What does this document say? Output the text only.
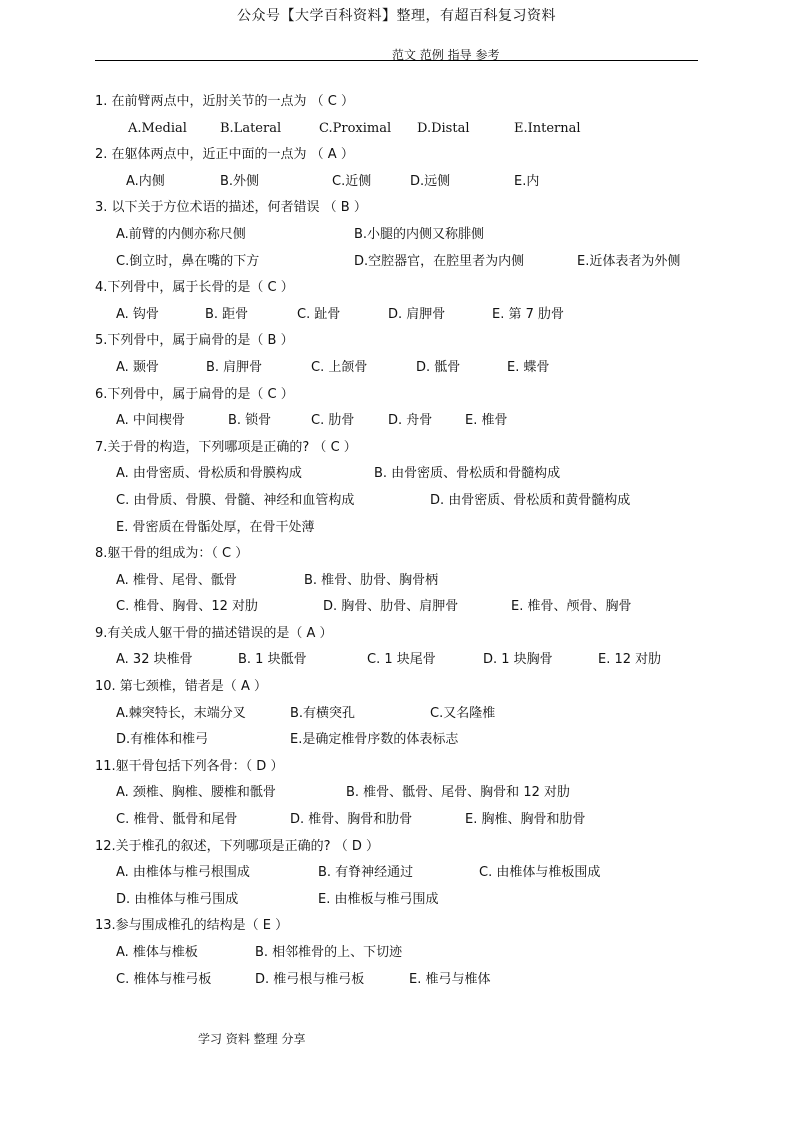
公众号【大学百科资料】整理，有超百科复习资料
范文 范例 指导 参考
1. 在前臂两点中，近肘关节的一点为 （ C ）
A.Medial	B.Lateral	C.Proximal D.Distal	E.Internal
2. 在躯体两点中，近正中面的一点为 （ A ）
A.内侧	B.外侧	C.近侧	D.远侧	E.内
3. 以下关于方位术语的描述，何者错误 （ B ）
A.前臂的内侧亦称尺侧	B.小腿的内侧又称腓侧
C.倒立时，鼻在嘴的下方	D.空腔器官，在腔里者为内侧	E.近体表者为外侧
4.下列骨中，属于长骨的是（ C ）
A. 钩骨	B. 距骨	C. 趾骨	D. 肩胛骨	E. 第 7 肋骨
5.下列骨中，属于扁骨的是（ B ）
A. 颞骨	B. 肩胛骨	C. 上颌骨	D. 骶骨	E. 蝶骨
6.下列骨中，属于扁骨的是（ C ）
A. 中间楔骨	B. 锁骨	C. 肋骨	D. 舟骨	E. 椎骨
7.关于骨的构造，下列哪项是正确的? （ C ）
A. 由骨密质、骨松质和骨膜构成	B. 由骨密质、骨松质和骨髓构成
C. 由骨质、骨膜、骨髓、神经和血管构成	D. 由骨密质、骨松质和黄骨髓构成
E. 骨密质在骨骺处厚，在骨干处薄
8.躯干骨的组成为：（ C ）
A. 椎骨、尾骨、骶骨	B. 椎骨、肋骨、胸骨柄
C. 椎骨、胸骨、12 对肋	D. 胸骨、肋骨、肩胛骨	E. 椎骨、颅骨、胸骨
9.有关成人躯干骨的描述错误的是（ A ）
A. 32 块椎骨	B. 1 块骶骨	C. 1 块尾骨	D. 1 块胸骨	E. 12 对肋
10. 第七颈椎，错者是（ A ）
A.棘突特长，末端分叉	B.有横突孔	C.又名隆椎
D.有椎体和椎弓	E.是确定椎骨序数的体表标志
11.躯干骨包括下列各骨：（ D ）
A. 颈椎、胸椎、腰椎和骶骨	B. 椎骨、骶骨、尾骨、胸骨和 12 对肋
C. 椎骨、骶骨和尾骨	D. 椎骨、胸骨和肋骨	E. 胸椎、胸骨和肋骨
12.关于椎孔的叙述，下列哪项是正确的? （ D ）
A. 由椎体与椎弓根围成	B. 有脊神经通过	C. 由椎体与椎板围成
D. 由椎体与椎弓围成	E. 由椎板与椎弓围成
13.参与围成椎孔的结构是（ E ）
A. 椎体与椎板	B. 相邻椎骨的上、下切迹
C. 椎体与椎弓板	D. 椎弓根与椎弓板	E. 椎弓与椎体
学习 资料 整理 分享
